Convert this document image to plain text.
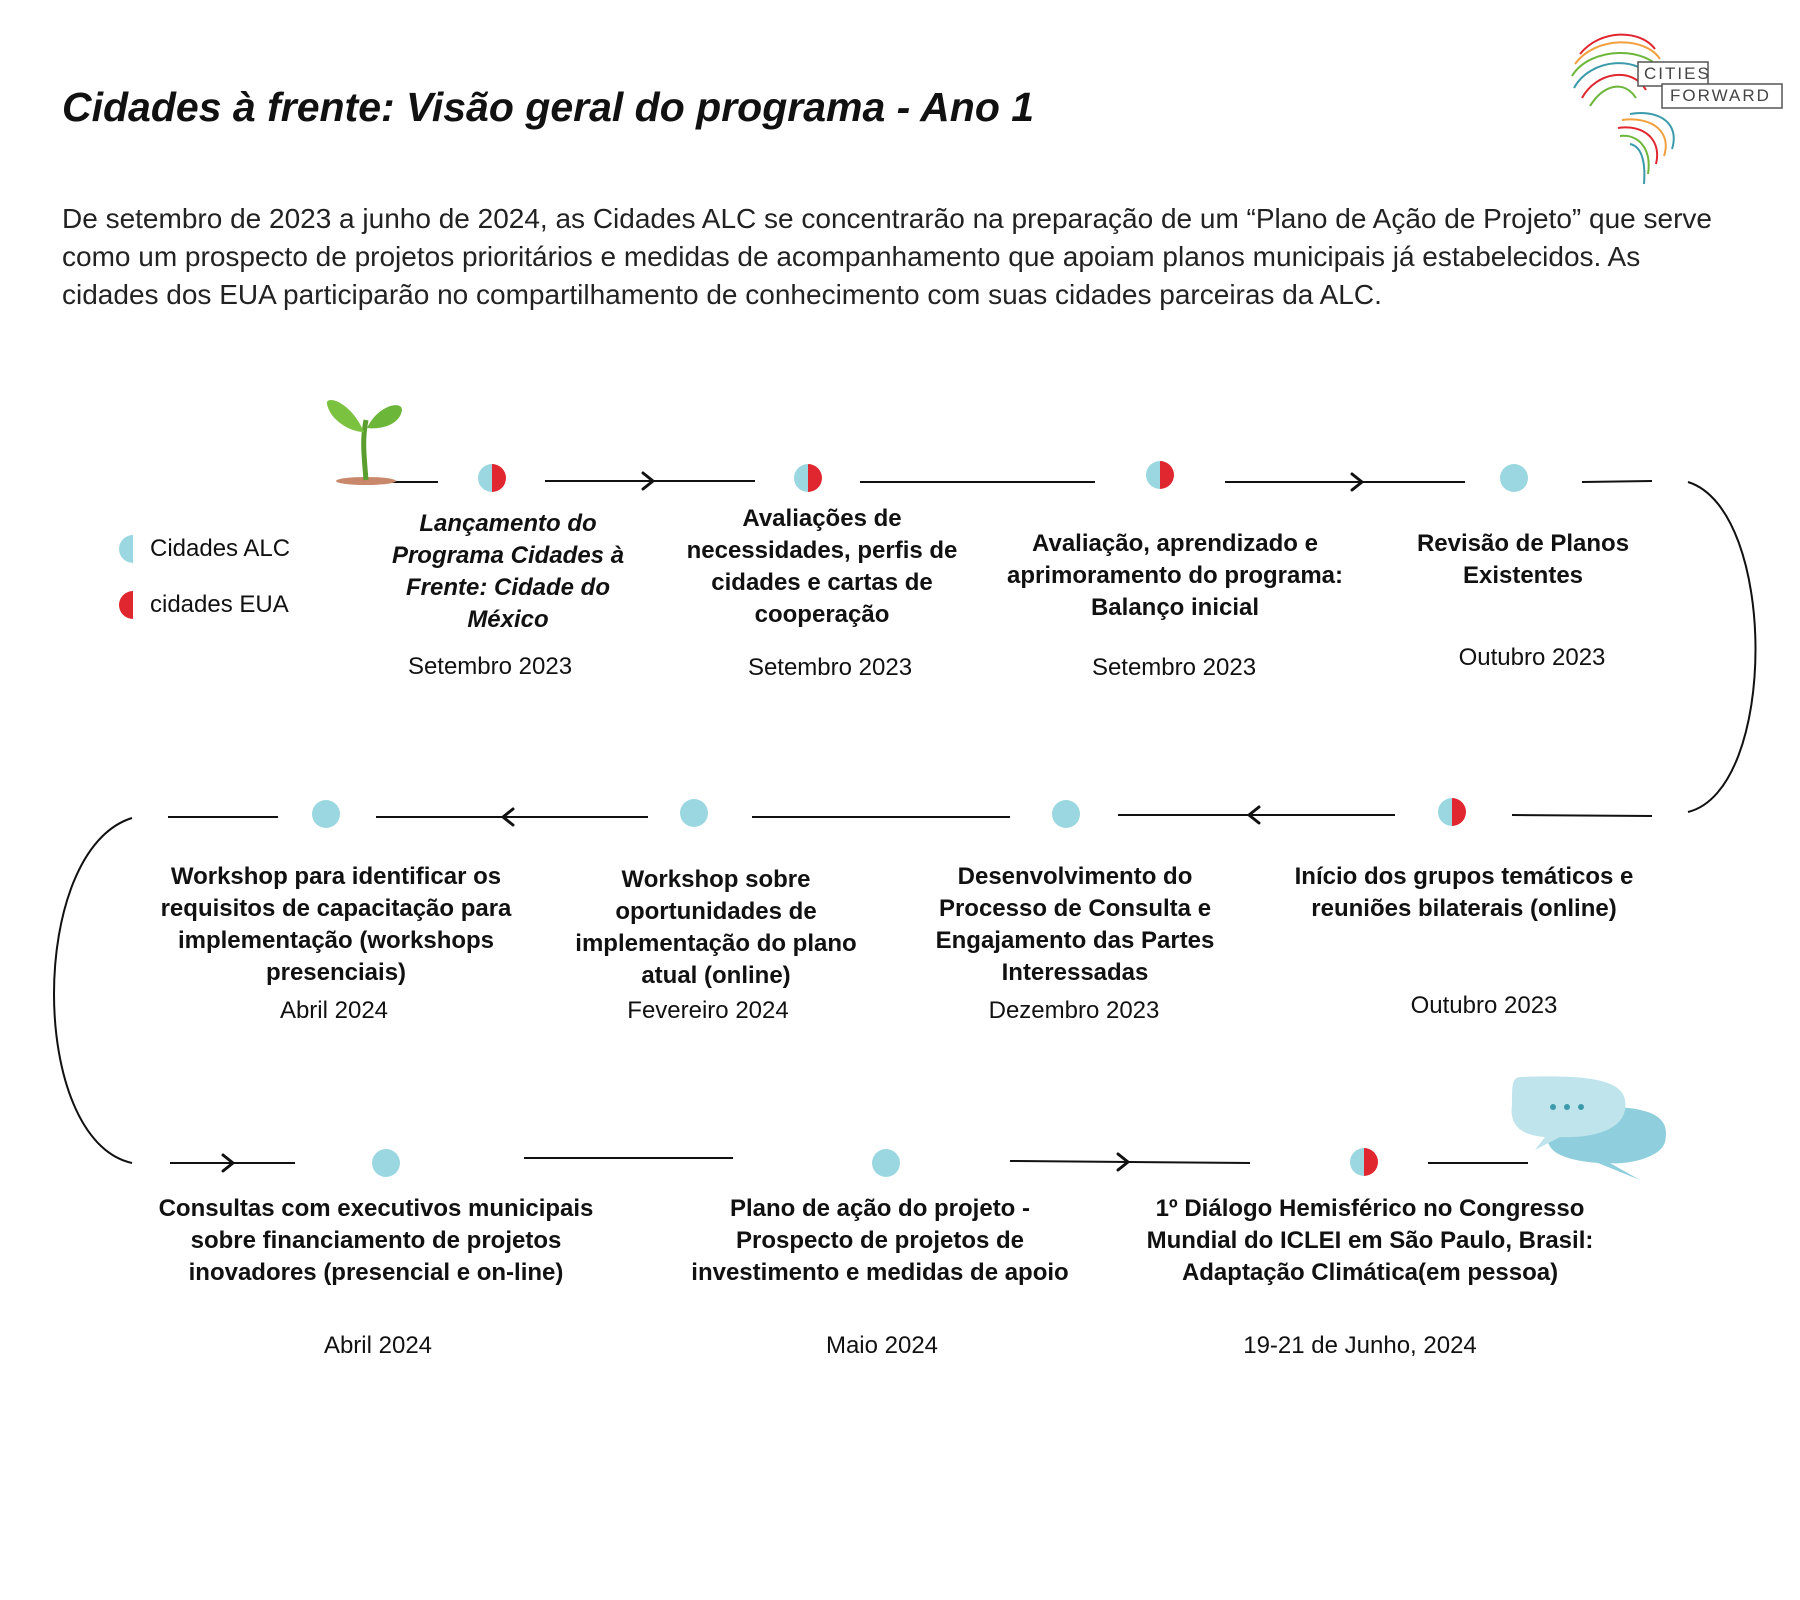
Cidades à frente: Visão geral do programa - Ano 1

De setembro de 2023 a junho de 2024, as Cidades ALC se concentrarão na preparação de um “Plano de Ação de Projeto” que serve como um prospecto de projetos prioritários e medidas de acompanhamento que apoiam planos municipais já estabelecidos. As cidades dos EUA participarão no compartilhamento de conhecimento com suas cidades parceiras da ALC.

CITIES
FORWARD
Cidades ALC
cidades EUA
Lançamento do Programa Cidades à Frente: Cidade do México
Setembro 2023
Avaliações de necessidades, perfis de cidades e cartas de cooperação
Setembro 2023
Avaliação, aprendizado e aprimoramento do programa: Balanço inicial
Setembro 2023
Revisão de Planos Existentes
Outubro 2023
Início dos grupos temáticos e reuniões bilaterais (online)
Outubro 2023
Desenvolvimento do Processo de Consulta e Engajamento das Partes Interessadas
Dezembro 2023
Workshop sobre oportunidades de implementação do plano atual (online)
Fevereiro 2024
Workshop para identificar os requisitos de capacitação para implementação (workshops presenciais)
Abril 2024
Consultas com executivos municipais sobre financiamento de projetos inovadores (presencial e on-line)
Abril 2024
Plano de ação do projeto - Prospecto de projetos de investimento e medidas de apoio
Maio 2024
1º Diálogo Hemisférico no Congresso Mundial do ICLEI em São Paulo, Brasil: Adaptação Climática(em pessoa)
19-21 de Junho, 2024
